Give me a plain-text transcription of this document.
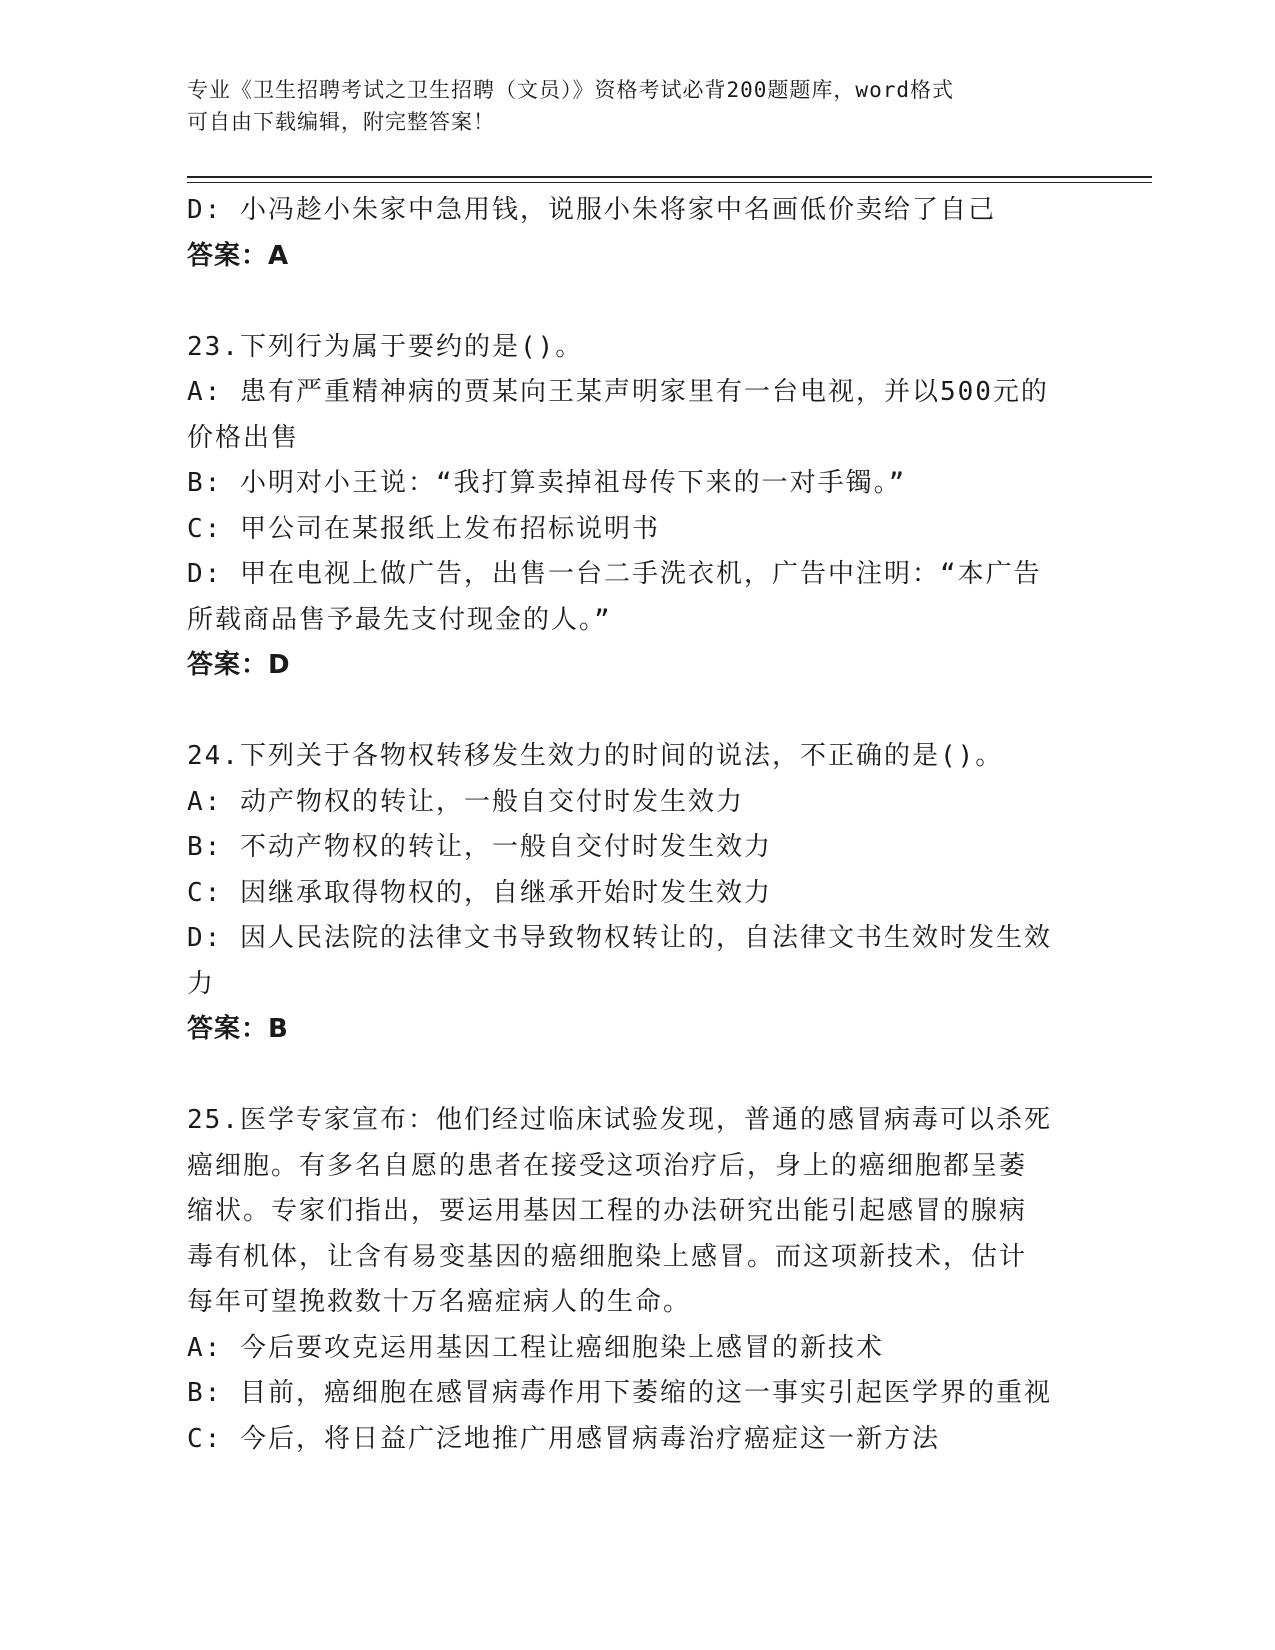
专业《卫生招聘考试之卫生招聘（文员）》资格考试必背200题题库，word格式
可自由下载编辑，附完整答案！

D: 小冯趁小朱家中急用钱，说服小朱将家中名画低价卖给了自己

答案：A

23.下列行为属于要约的是()。

A: 患有严重精神病的贾某向王某声明家里有一台电视，并以500元的

价格出售

B: 小明对小王说：“我打算卖掉祖母传下来的一对手镯。”

C: 甲公司在某报纸上发布招标说明书

D: 甲在电视上做广告，出售一台二手洗衣机，广告中注明：“本广告

所载商品售予最先支付现金的人。”

答案：D

24.下列关于各物权转移发生效力的时间的说法，不正确的是()。

A: 动产物权的转让，一般自交付时发生效力

B: 不动产物权的转让，一般自交付时发生效力

C: 因继承取得物权的，自继承开始时发生效力

D: 因人民法院的法律文书导致物权转让的，自法律文书生效时发生效

力

答案：B

25.医学专家宣布：他们经过临床试验发现，普通的感冒病毒可以杀死

癌细胞。有多名自愿的患者在接受这项治疗后，身上的癌细胞都呈萎

缩状。专家们指出，要运用基因工程的办法研究出能引起感冒的腺病

毒有机体，让含有易变基因的癌细胞染上感冒。而这项新技术，估计

每年可望挽救数十万名癌症病人的生命。

A: 今后要攻克运用基因工程让癌细胞染上感冒的新技术

B: 目前，癌细胞在感冒病毒作用下萎缩的这一事实引起医学界的重视

C: 今后，将日益广泛地推广用感冒病毒治疗癌症这一新方法
